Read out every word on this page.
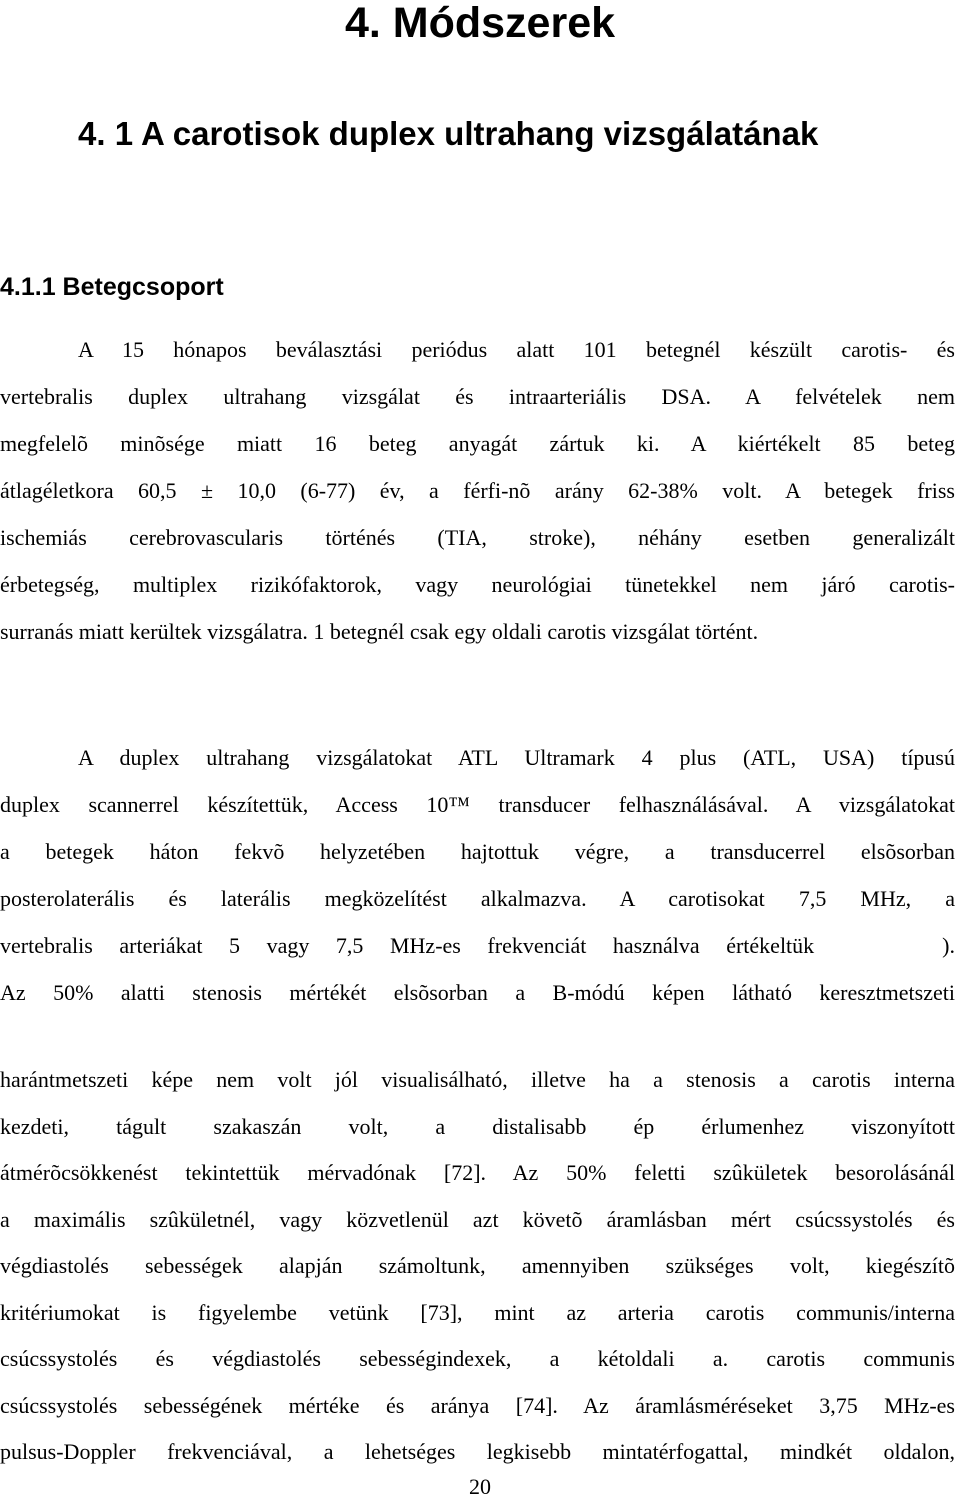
4. Módszerek
4. 1 A carotisok duplex ultrahang vizsgálatának
4.1.1 Betegcsoport
A 15 hónapos beválasztási periódus alatt 101 betegnél készült carotis- és
vertebralis duplex ultrahang vizsgálat és intraarteriális DSA. A felvételek nem
megfelelõ minõsége miatt 16 beteg anyagát zártuk ki. A kiértékelt 85 beteg
átlagéletkora 60,5 ± 10,0 (6-77) év, a férfi-nõ arány 62-38% volt. A betegek friss
ischemiás cerebrovascularis történés (TIA, stroke), néhány esetben generalizált
érbetegség, multiplex rizikófaktorok, vagy neurológiai tünetekkel nem járó carotis-
surranás miatt kerültek vizsgálatra. 1 betegnél csak egy oldali carotis vizsgálat történt.
A duplex ultrahang vizsgálatokat ATL Ultramark 4 plus (ATL, USA) típusú
duplex scannerrel készítettük, Access 10™ transducer felhasználásával. A vizsgálatokat
a betegek háton fekvõ helyzetében hajtottuk végre, a transducerrel elsõsorban
posterolaterális és laterális megközelítést alkalmazva. A carotisokat 7,5 MHz, a
vertebralis arteriákat 5 vagy 7,5 MHz-es frekvenciát használva értékeltük	).
Az 50% alatti stenosis mértékét elsõsorban a B-módú képen látható keresztmetszeti
harántmetszeti képe nem volt jól visualisálható, illetve ha a stenosis a carotis interna
kezdeti, tágult szakaszán volt, a distalisabb ép érlumenhez viszonyított
átmérõcsökkenést tekintettük mérvadónak [72]. Az 50% feletti szûkületek besorolásánál
a maximális szûkületnél, vagy közvetlenül azt követõ áramlásban mért csúcssystolés és
végdiastolés sebességek alapján számoltunk, amennyiben szükséges volt, kiegészítõ
kritériumokat is figyelembe vetünk [73], mint az arteria carotis communis/interna
csúcssystolés és végdiastolés sebességindexek, a kétoldali a. carotis communis
csúcssystolés sebességének mértéke és aránya [74]. Az áramlásméréseket 3,75 MHz-es
pulsus-Doppler frekvenciával, a lehetséges legkisebb mintatérfogattal, mindkét oldalon,
20
